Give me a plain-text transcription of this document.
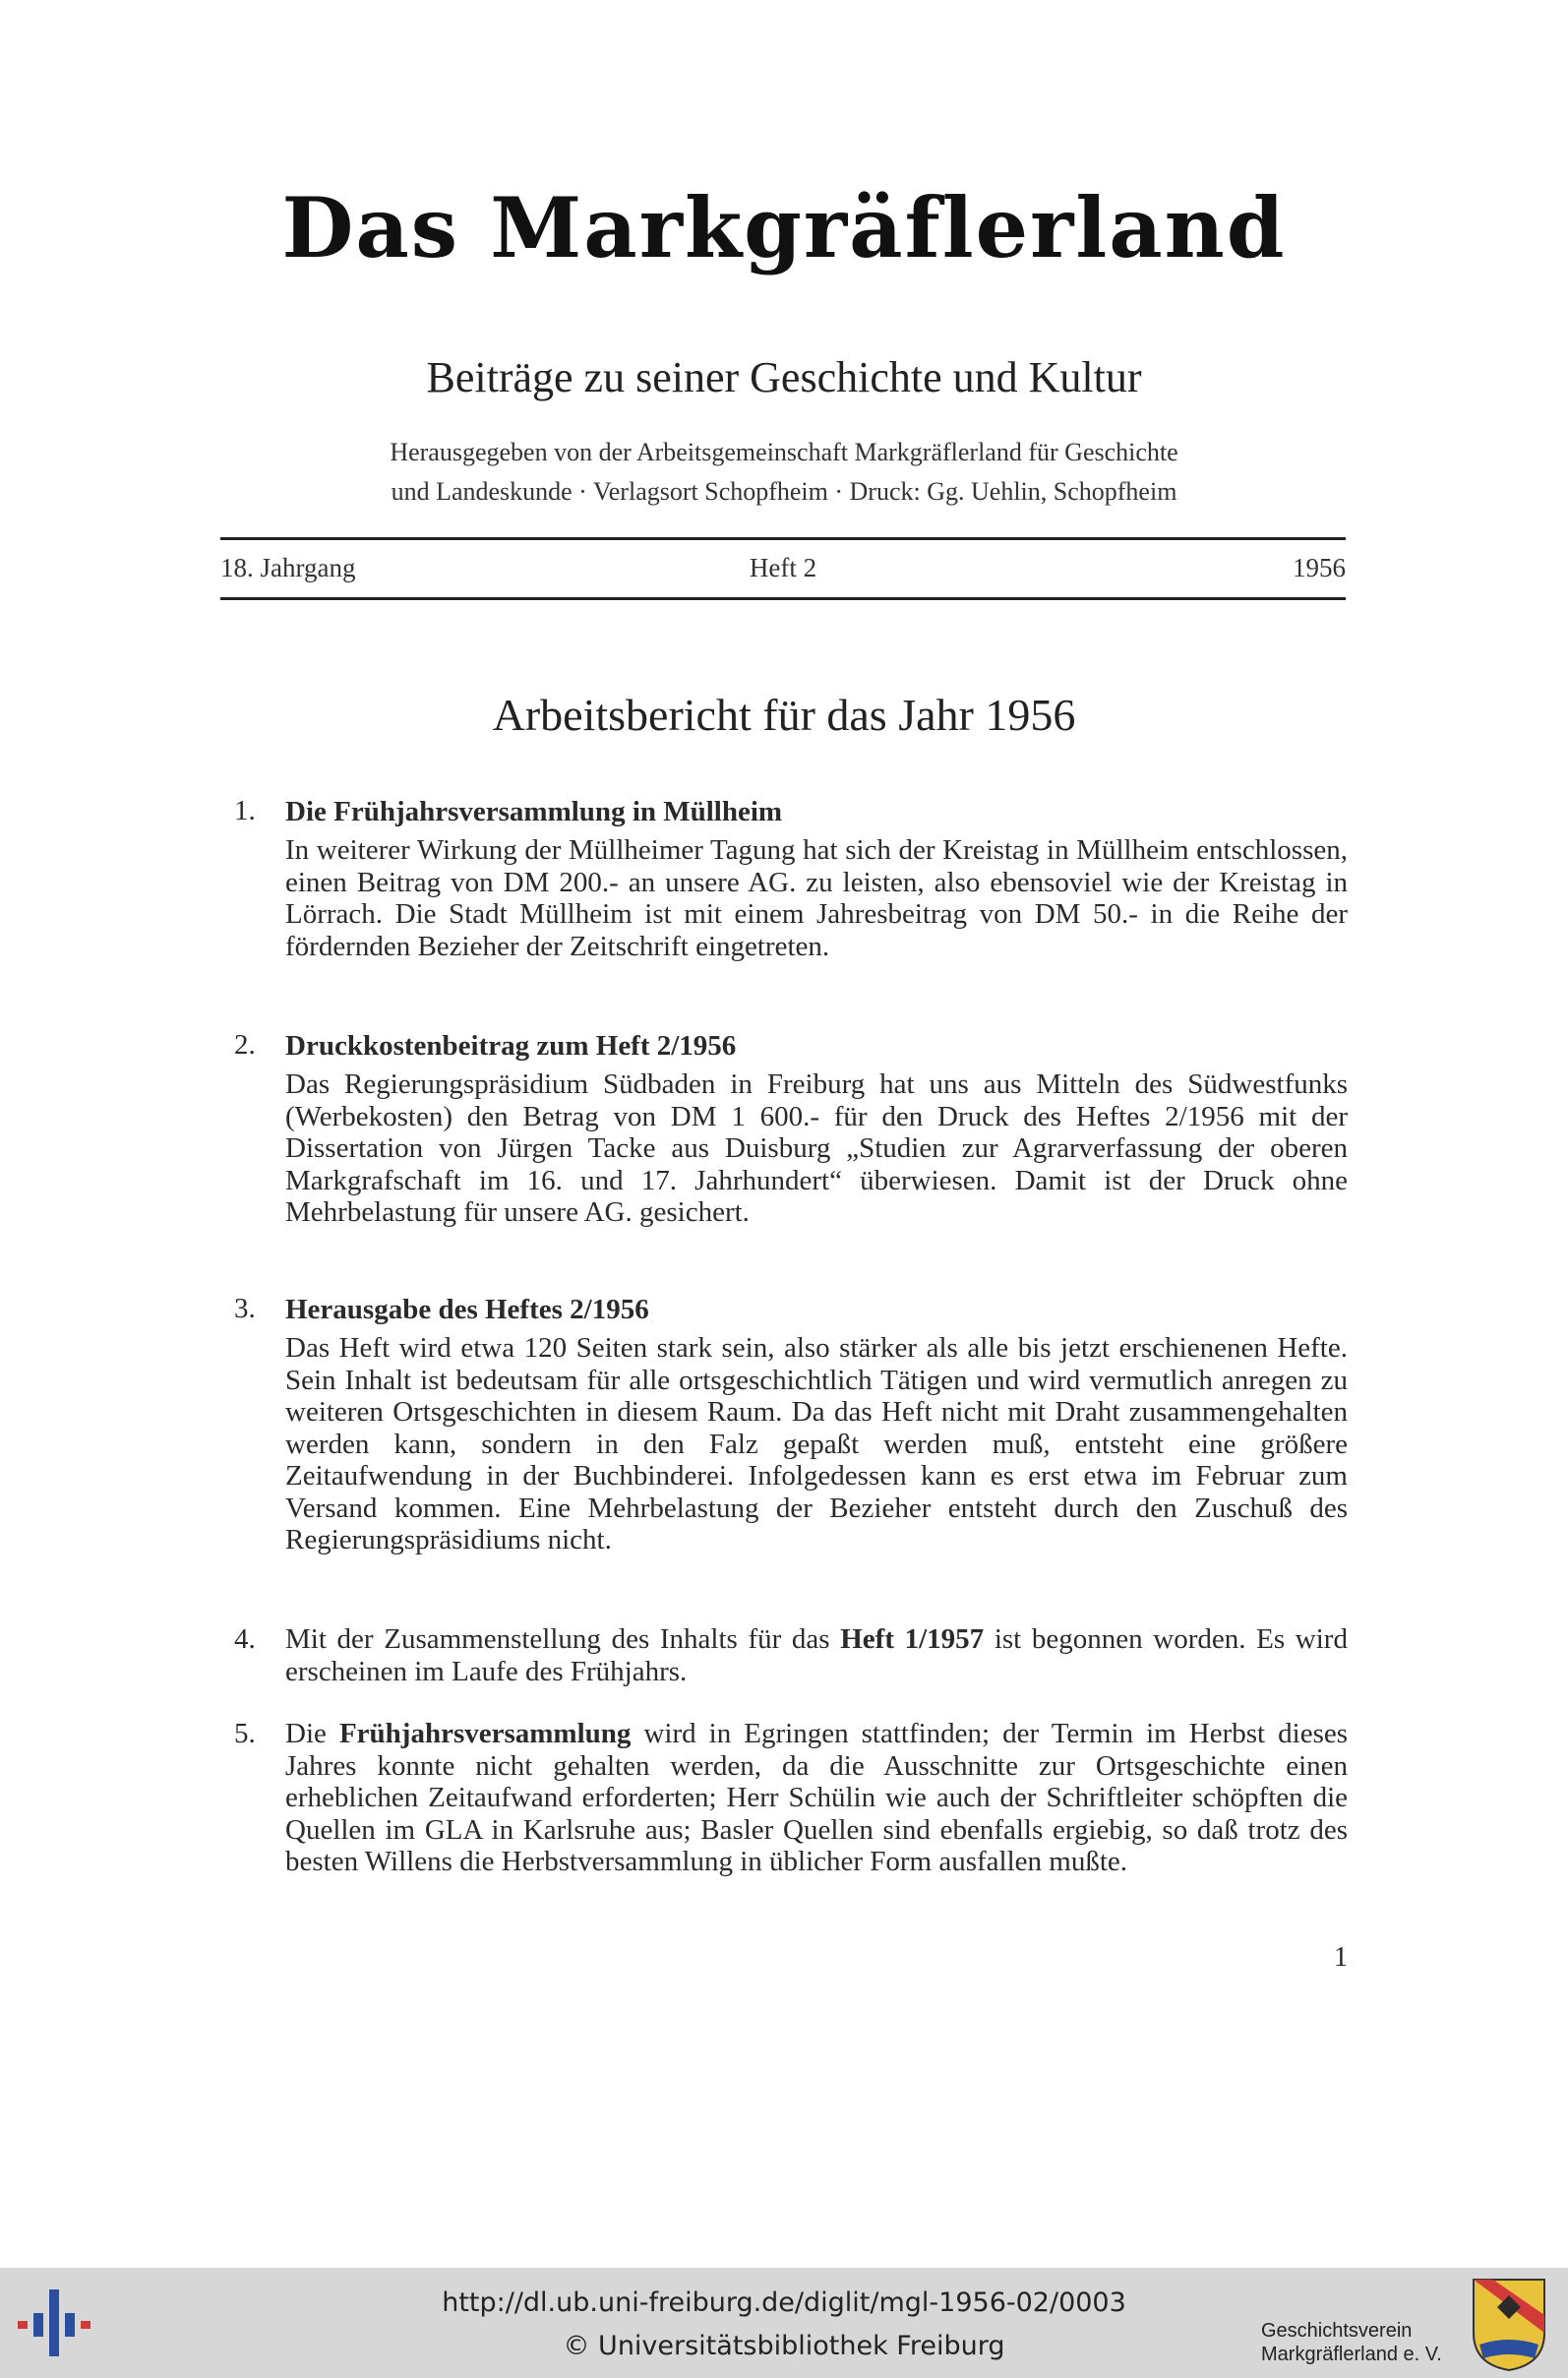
Das Markgräflerland
Beiträge zu seiner Geschichte und Kultur
Herausgegeben von der Arbeitsgemeinschaft Markgräflerland für Geschichte
und Landeskunde · Verlagsort Schopfheim · Druck: Gg. Uehlin, Schopfheim
18. Jahrgang	Heft 2	1956
Arbeitsbericht für das Jahr 1956
1. Die Frühjahrsversammlung in Müllheim
In weiterer Wirkung der Müllheimer Tagung hat sich der Kreistag in Müllheim entschlossen, einen Beitrag von DM 200.- an unsere AG. zu leisten, also ebensoviel wie der Kreistag in Lörrach. Die Stadt Müllheim ist mit einem Jahresbeitrag von DM 50.- in die Reihe der fördernden Bezieher der Zeitschrift eingetreten.
2. Druckkostenbeitrag zum Heft 2/1956
Das Regierungspräsidium Südbaden in Freiburg hat uns aus Mitteln des Südwestfunks (Werbekosten) den Betrag von DM 1 600.- für den Druck des Heftes 2/1956 mit der Dissertation von Jürgen Tacke aus Duisburg „Studien zur Agrarverfassung der oberen Markgrafschaft im 16. und 17. Jahrhundert“ überwiesen. Damit ist der Druck ohne Mehrbelastung für unsere AG. gesichert.
3. Herausgabe des Heftes 2/1956
Das Heft wird etwa 120 Seiten stark sein, also stärker als alle bis jetzt erschienenen Hefte. Sein Inhalt ist bedeutsam für alle ortsgeschichtlich Tätigen und wird vermutlich anregen zu weiteren Ortsgeschichten in diesem Raum. Da das Heft nicht mit Draht zusammengehalten werden kann, sondern in den Falz gepaßt werden muß, entsteht eine größere Zeitaufwendung in der Buchbinderei. Infolgedessen kann es erst etwa im Februar zum Versand kommen. Eine Mehrbelastung der Bezieher entsteht durch den Zuschuß des Regierungspräsidiums nicht.
4. Mit der Zusammenstellung des Inhalts für das Heft 1/1957 ist begonnen worden. Es wird erscheinen im Laufe des Frühjahrs.
5. Die Frühjahrsversammlung wird in Egringen stattfinden; der Termin im Herbst dieses Jahres konnte nicht gehalten werden, da die Ausschnitte zur Ortsgeschichte einen erheblichen Zeitaufwand erforderten; Herr Schülin wie auch der Schriftleiter schöpften die Quellen im GLA in Karlsruhe aus; Basler Quellen sind ebenfalls ergiebig, so daß trotz des besten Willens die Herbstversammlung in üblicher Form ausfallen mußte.
1
http://dl.ub.uni-freiburg.de/diglit/mgl-1956-02/0003
© Universitätsbibliothek Freiburg	Geschichtsverein
Markgräflerland e. V.
